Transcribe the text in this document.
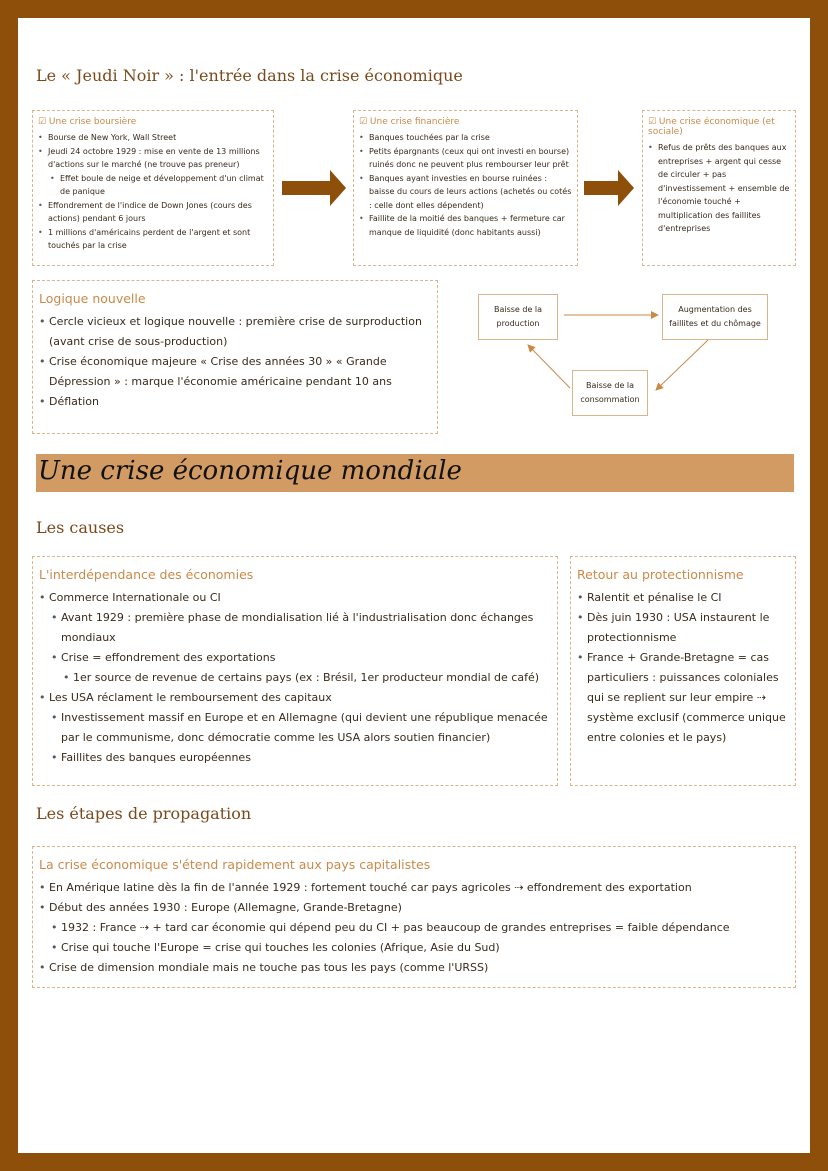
Le « Jeudi Noir » : l'entrée dans la crise économique
☑ Une crise boursière
• Bourse de New York, Wall Street
• Jeudi 24 octobre 1929 : mise en vente de 13 millions d'actions sur le marché (ne trouve pas preneur)
• Effet boule de neige et développement d'un climat de panique
• Effondrement de l'indice de Down Jones (cours des actions) pendant 6 jours
• 1 millions d'américains perdent de l'argent et sont touchés par la crise
☑ Une crise financière
• Banques touchées par la crise
• Petits épargnants (ceux qui ont investi en bourse) ruinés donc ne peuvent plus rembourser leur prêt
• Banques ayant investies en bourse ruinées : baisse du cours de leurs actions (achetés ou cotés : celle dont elles dépendent)
• Faillite de la moitié des banques + fermeture car manque de liquidité (donc habitants aussi)
☑ Une crise économique (et sociale)
• Refus de prêts des banques aux entreprises + argent qui cesse de circuler + pas d'investissement + ensemble de l'économie touché + multiplication des faillites d'entreprises
Logique nouvelle
• Cercle vicieux et logique nouvelle : première crise de surproduction (avant crise de sous-production)
• Crise économique majeure « Crise des années 30 » « Grande Dépression » : marque l'économie américaine pendant 10 ans
• Déflation
Baisse de la production
Augmentation des faillites et du chômage
Baisse de la consommation
Une crise économique mondiale
Les causes
L'interdépendance des économies
• Commerce Internationale ou CI
• Avant 1929 : première phase de mondialisation lié à l'industrialisation donc échanges mondiaux
• Crise = effondrement des exportations
• 1er source de revenue de certains pays (ex : Brésil, 1er producteur mondial de café)
• Les USA réclament le remboursement des capitaux
• Investissement massif en Europe et en Allemagne (qui devient une république menacée par le communisme, donc démocratie comme les USA alors soutien financier)
• Faillites des banques européennes
Retour au protectionnisme
• Ralentit et pénalise le CI
• Dès juin 1930 : USA instaurent le protectionnisme
• France + Grande-Bretagne = cas particuliers : puissances coloniales qui se replient sur leur empire ⇢ système exclusif (commerce unique entre colonies et le pays)
Les étapes de propagation
La crise économique s'étend rapidement aux pays capitalistes
• En Amérique latine dès la fin de l'année 1929 : fortement touché car pays agricoles ⇢ effondrement des exportation
• Début des années 1930 : Europe (Allemagne, Grande-Bretagne)
• 1932 : France ⇢ + tard car économie qui dépend peu du CI + pas beaucoup de grandes entreprises = faible dépendance
• Crise qui touche l'Europe = crise qui touches les colonies (Afrique, Asie du Sud)
• Crise de dimension mondiale mais ne touche pas tous les pays (comme l'URSS)
